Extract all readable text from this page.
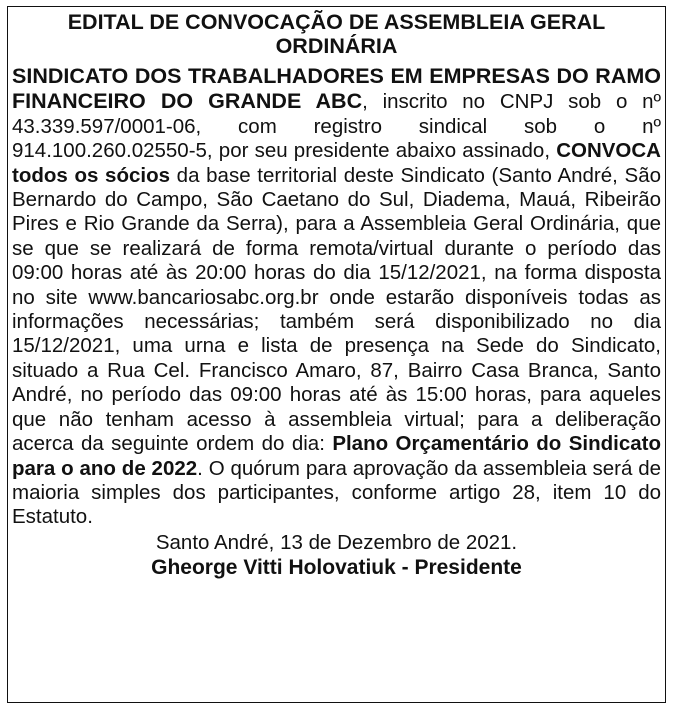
EDITAL DE CONVOCAÇÃO DE ASSEMBLEIA GERAL ORDINÁRIA

SINDICATO DOS TRABALHADORES EM EMPRESAS DO RAMO FINANCEIRO DO GRANDE ABC, inscrito no CNPJ sob o nº 43.339.597/0001-06, com registro sindical sob o nº 914.100.260.02550-5, por seu presidente abaixo assinado, CONVOCA todos os sócios da base territorial deste Sindicato (Santo André, São Bernardo do Campo, São Caetano do Sul, Diadema, Mauá, Ribeirão Pires e Rio Grande da Serra), para a Assembleia Geral Ordinária, que se que se realizará de forma remota/virtual durante o período das 09:00 horas até às 20:00 horas do dia 15/12/2021, na forma disposta no site www.bancariosabc.org.br onde estarão disponíveis todas as informações necessárias; também será disponibilizado no dia 15/12/2021, uma urna e lista de presença na Sede do Sindicato, situado a Rua Cel. Francisco Amaro, 87, Bairro Casa Branca, Santo André, no período das 09:00 horas até às 15:00 horas, para aqueles que não tenham acesso à assembleia virtual; para a deliberação acerca da seguinte ordem do dia: Plano Orçamentário do Sindicato para o ano de 2022. O quórum para aprovação da assembleia será de maioria simples dos participantes, conforme artigo 28, item 10 do Estatuto.

Santo André, 13 de Dezembro de 2021.

Gheorge Vitti Holovatiuk - Presidente
